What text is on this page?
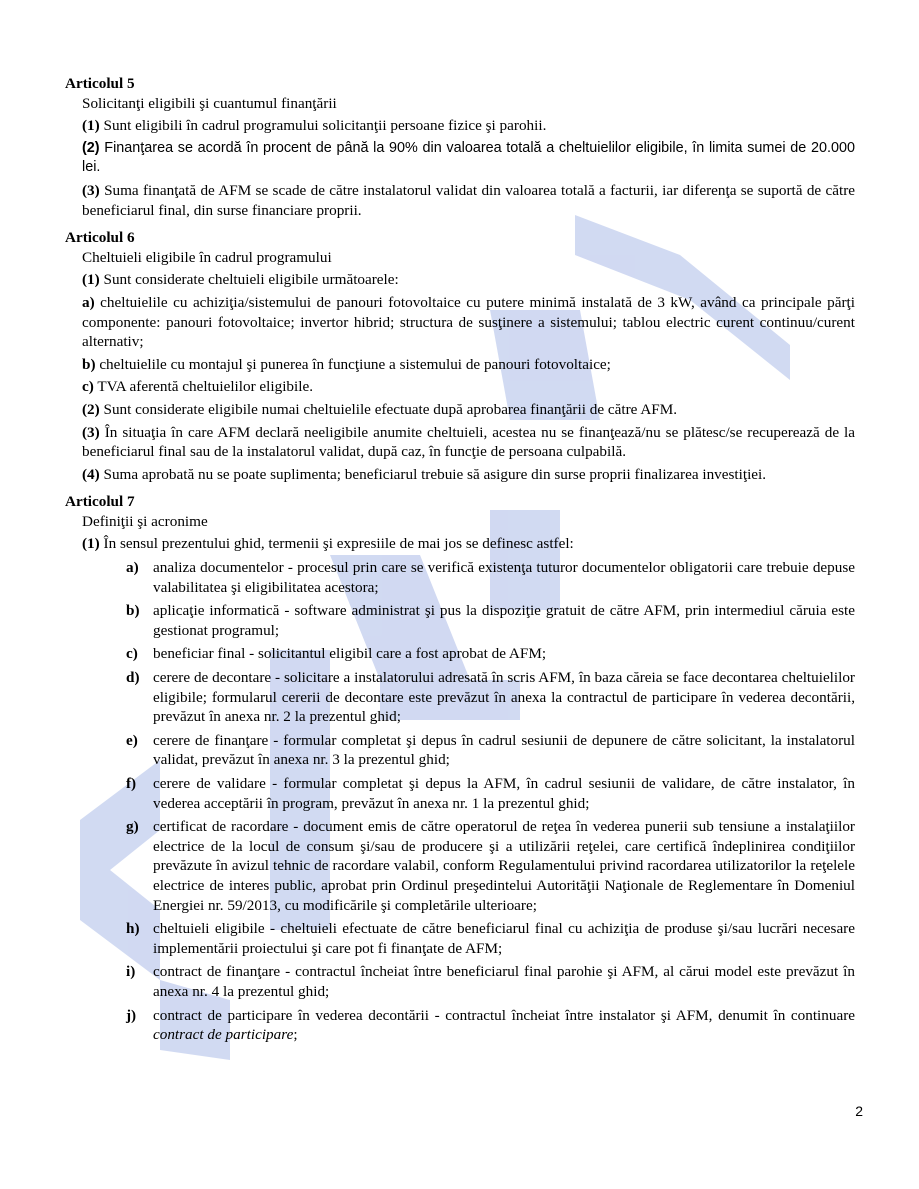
Articolul 5
Solicitanţi eligibili şi cuantumul finanţării
(1) Sunt eligibili în cadrul programului solicitanţii persoane fizice şi parohii.
(2) Finanţarea se acordă în procent de până la 90% din valoarea totală a cheltuielilor eligibile, în limita sumei de 20.000 lei.
(3) Suma finanţată de AFM se scade de către instalatorul validat din valoarea totală a facturii, iar diferenţa se suportă de către beneficiarul final, din surse financiare proprii.
Articolul 6
Cheltuieli eligibile în cadrul programului
(1) Sunt considerate cheltuieli eligibile următoarele:
a) cheltuielile cu achiziţia/sistemului de panouri fotovoltaice cu putere minimă instalată de 3 kW, având ca principale părţi componente: panouri fotovoltaice; invertor hibrid; structura de susţinere a sistemului; tablou electric curent continuu/curent alternativ;
b) cheltuielile cu montajul şi punerea în funcţiune a sistemului de panouri fotovoltaice;
c) TVA aferentă cheltuielilor eligibile.
(2) Sunt considerate eligibile numai cheltuielile efectuate după aprobarea finanţării de către AFM.
(3) În situaţia în care AFM declară neeligibile anumite cheltuieli, acestea nu se finanţează/nu se plătesc/se recuperează de la beneficiarul final sau de la instalatorul validat, după caz, în funcţie de persoana culpabilă.
(4) Suma aprobată nu se poate suplimenta; beneficiarul trebuie să asigure din surse proprii finalizarea investiţiei.
Articolul 7
Definiţii şi acronime
(1) În sensul prezentului ghid, termenii şi expresiile de mai jos se definesc astfel:
a) analiza documentelor - procesul prin care se verifică existenţa tuturor documentelor obligatorii care trebuie depuse valabilitatea şi eligibilitatea acestora;
b) aplicaţie informatică - software administrat şi pus la dispoziţie gratuit de către AFM, prin intermediul căruia este gestionat programul;
c) beneficiar final - solicitantul eligibil care a fost aprobat de AFM;
d) cerere de decontare - solicitare a instalatorului adresată în scris AFM, în baza căreia se face decontarea cheltuielilor eligibile; formularul cererii de decontare este prevăzut în anexa la contractul de participare în vederea decontării, prevăzut în anexa nr. 2 la prezentul ghid;
e) cerere de finanţare - formular completat şi depus în cadrul sesiunii de depunere de către solicitant, la instalatorul validat, prevăzut în anexa nr. 3 la prezentul ghid;
f) cerere de validare - formular completat şi depus la AFM, în cadrul sesiunii de validare, de către instalator, în vederea acceptării în program, prevăzut în anexa nr. 1 la prezentul ghid;
g) certificat de racordare - document emis de către operatorul de reţea în vederea punerii sub tensiune a instalaţiilor electrice de la locul de consum şi/sau de producere şi a utilizării reţelei, care certifică îndeplinirea condiţiilor prevăzute în avizul tehnic de racordare valabil, conform Regulamentului privind racordarea utilizatorilor la reţelele electrice de interes public, aprobat prin Ordinul preşedintelui Autorităţii Naţionale de Reglementare în Domeniul Energiei nr. 59/2013, cu modificările şi completările ulterioare;
h) cheltuieli eligibile - cheltuieli efectuate de către beneficiarul final cu achiziţia de produse şi/sau lucrări necesare implementării proiectului şi care pot fi finanţate de AFM;
i) contract de finanţare - contractul încheiat între beneficiarul final parohie şi AFM, al cărui model este prevăzut în anexa nr. 4 la prezentul ghid;
j) contract de participare în vederea decontării - contractul încheiat între instalator şi AFM, denumit în continuare contract de participare;
2
